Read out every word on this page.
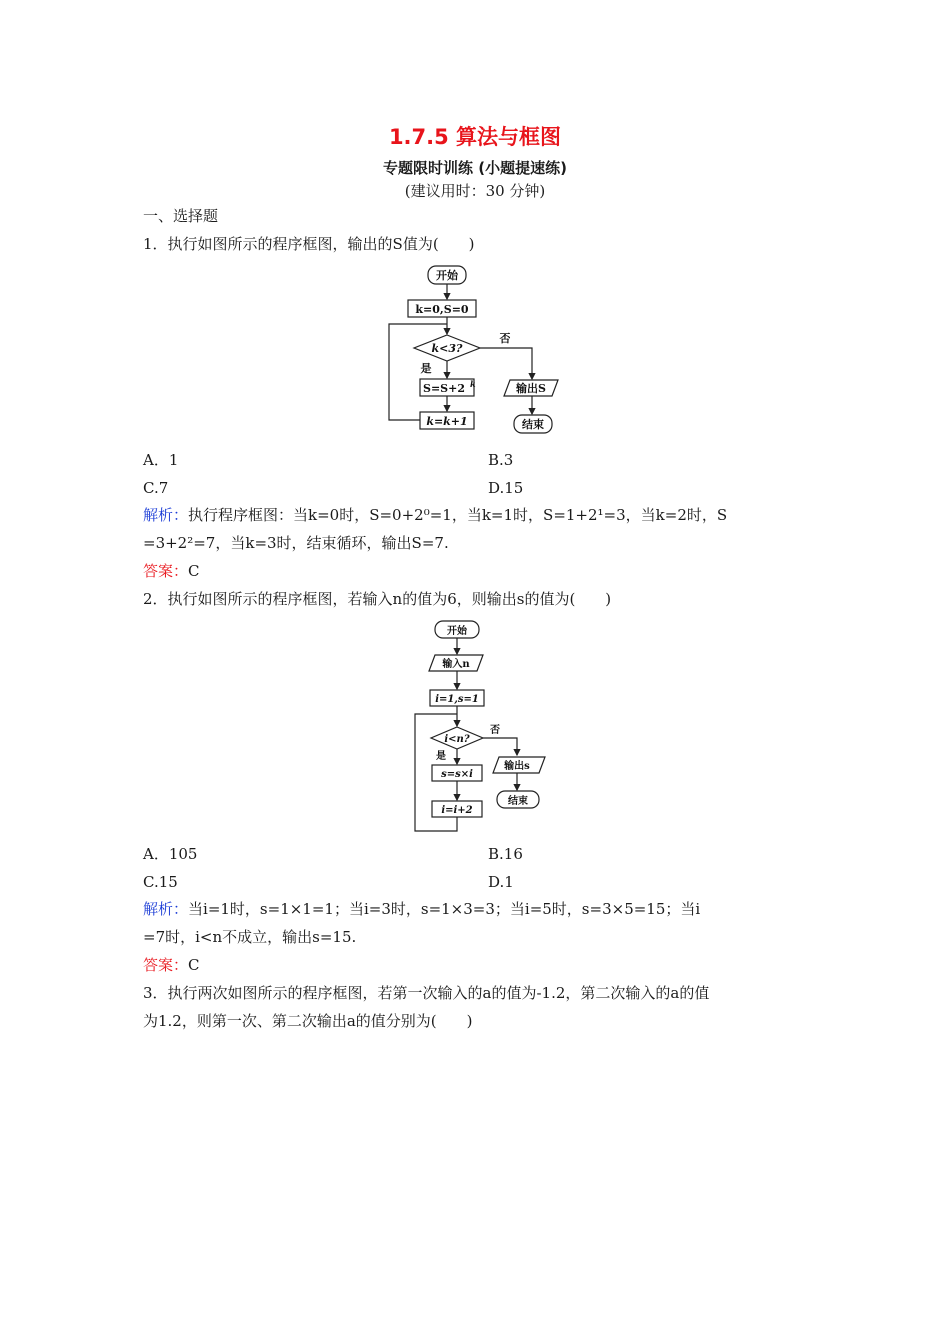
1.7.5 算法与框图
专题限时训练 (小题提速练)
(建议用时：30 分钟)
一、选择题
1．执行如图所示的程序框图，输出的S值为(　　)
开始
k=0,S=0
k<3?
是
否
S=S+2 k
k=k+1
输出S
结束
A．1	B.3
C.7	D.15
解析：执行程序框图：当k=0时，S=0+2⁰=1，当k=1时，S=1+2¹=3，当k=2时，S
=3+2²=7，当k=3时，结束循环，输出S=7.
答案：C
2．执行如图所示的程序框图，若输入n的值为6，则输出s的值为(　　)
开始
输入n
i=1,s=1
i<n?
是
否
s=s×i
i=i+2
输出s
结束
A．105	B.16
C.15	D.1
解析：当i=1时，s=1×1=1；当i=3时，s=1×3=3；当i=5时，s=3×5=15；当i
=7时，i<n不成立，输出s=15.
答案：C
3．执行两次如图所示的程序框图，若第一次输入的a的值为-1.2，第二次输入的a的值
为1.2，则第一次、第二次输出a的值分别为(　　)
